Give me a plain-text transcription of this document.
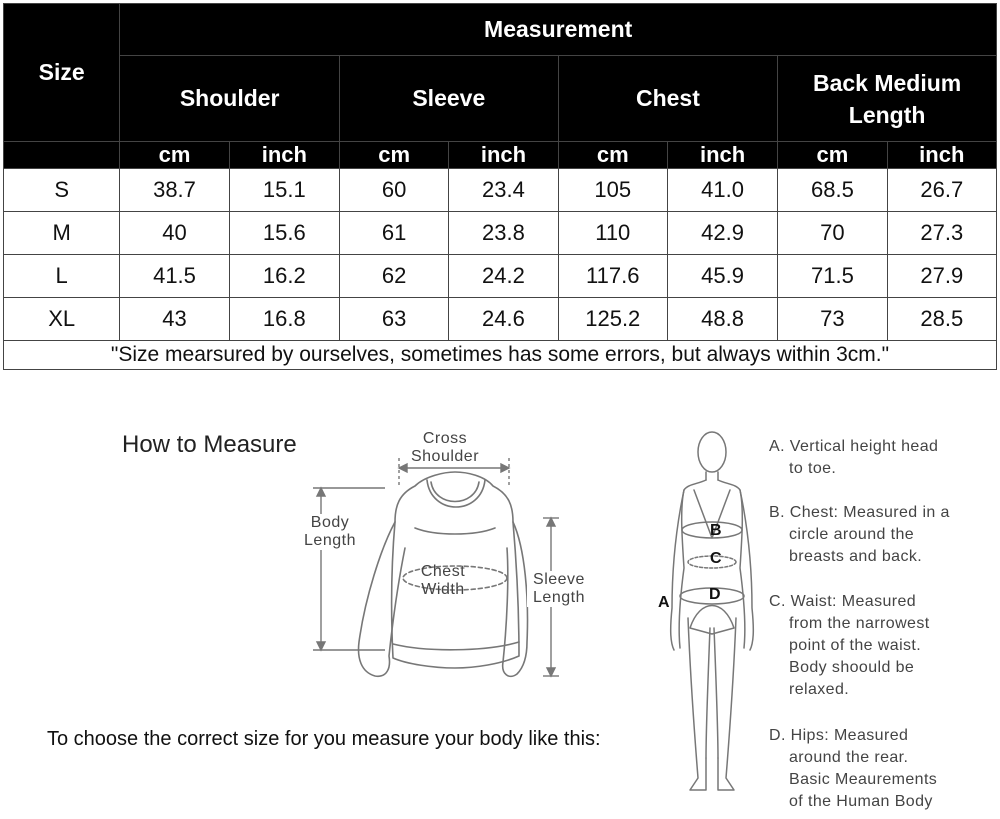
Size	Measurement							
	Shoulder		Sleeve		Chest		Back Medium Length	
	cm	inch	cm	inch	cm	inch	cm	inch
S	38.7	15.1	60	23.4	105	41.0	68.5	26.7
M	40	15.6	61	23.8	110	42.9	70	27.3
L	41.5	16.2	62	24.2	117.6	45.9	71.5	27.9
XL	43	16.8	63	24.6	125.2	48.8	73	28.5
"Size mearsured by ourselves, sometimes has some errors, but always within 3cm."								
How to Measure	Cross
Shoulder
Body
Length
Chest
Width
Sleeve
Length
To choose the correct size for you measure your body like this:
B
C
D
A
A. Vertical height head
to toe.
B. Chest: Measured in a
circle around the
breasts and back.
C. Waist: Measured
from the narrowest
point of the waist.
Body shoould be
relaxed.
D. Hips: Measured
around the rear.
Basic Meaurements
of the Human Body
